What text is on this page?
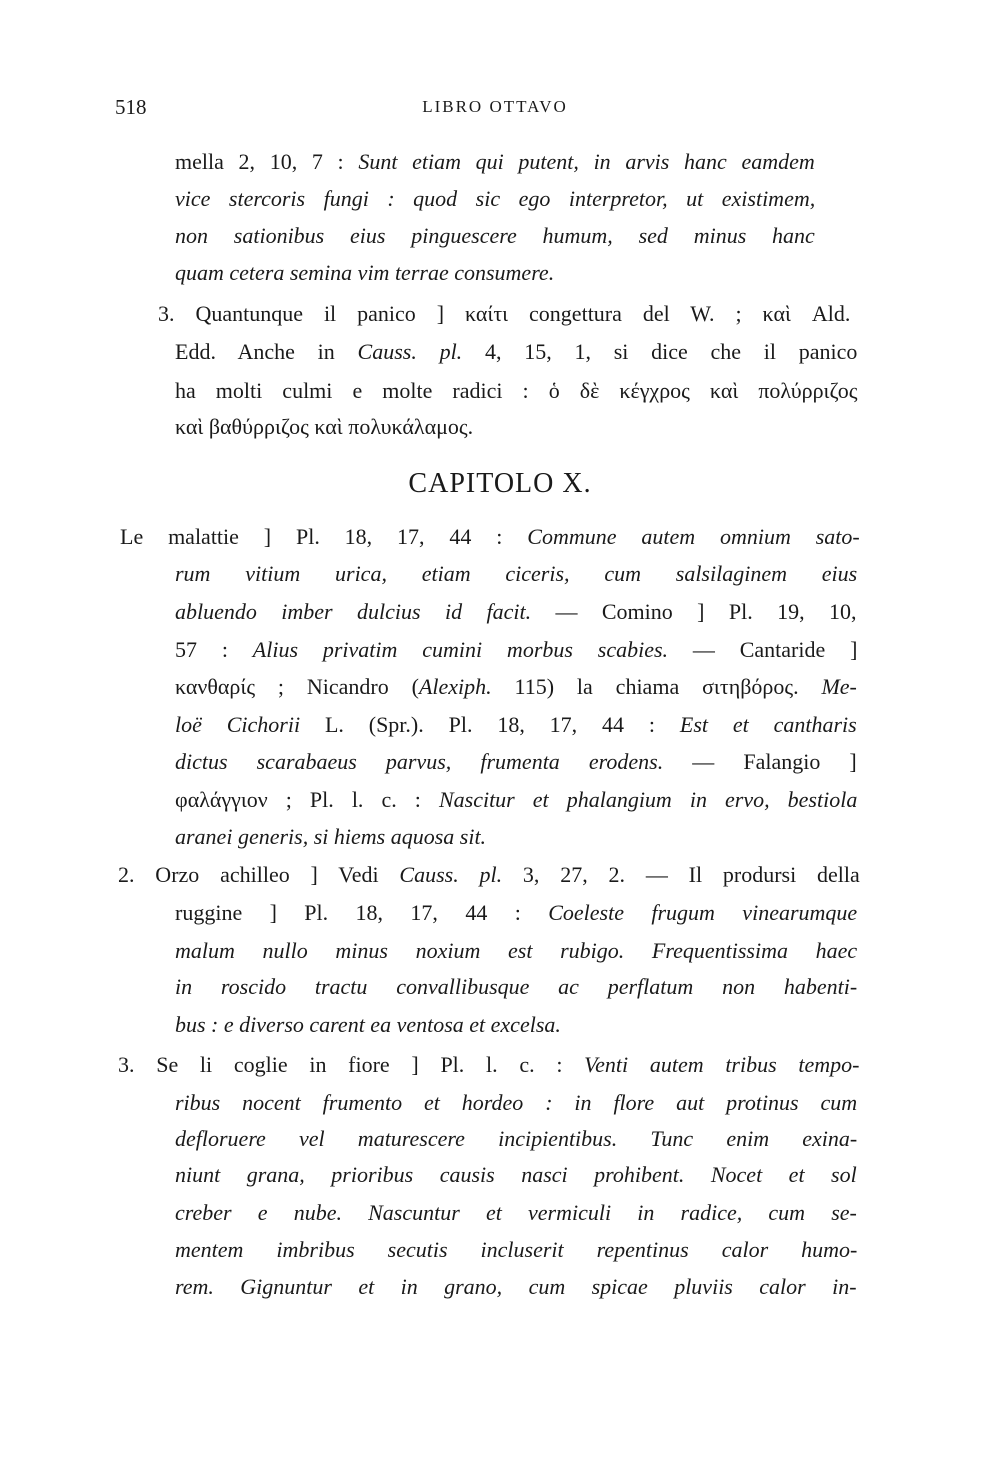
518	LIBRO OTTAVO
CAPITOLO X.
mella 2, 10, 7 : Sunt etiam qui putent, in arvis hanc eamdem
vice stercoris fungi : quod sic ego interpretor, ut existimem,
non sationibus eius pinguescere humum, sed minus hanc
quam cetera semina vim terrae consumere.
3. Quantunque il panico ] καίτι congettura del W. ; καὶ Ald.
Edd. Anche in Causs. pl. 4, 15, 1, si dice che il panico
ha molti culmi e molte radici : ὁ δὲ κέγχρος καὶ πολύρριζος
καὶ βαθύρριζος καὶ πολυκάλαμος.
Le malattie ] Pl. 18, 17, 44 : Commune autem omnium sato-
rum vitium urica, etiam ciceris, cum salsilaginem eius
abluendo imber dulcius id facit. — Comino ] Pl. 19, 10,
57 : Alius privatim cumini morbus scabies. — Cantaride ]
κανθαρίς ; Nicandro (Alexiph. 115) la chiama σιτηβόρος. Me-
loë Cichorii L. (Spr.). Pl. 18, 17, 44 : Est et cantharis
dictus scarabaeus parvus, frumenta erodens. — Falangio ]
φαλάγγιον ; Pl. l. c. : Nascitur et phalangium in ervo, bestiola
aranei generis, si hiems aquosa sit.
2. Orzo achilleo ] Vedi Causs. pl. 3, 27, 2. — Il prodursi della
ruggine ] Pl. 18, 17, 44 : Coeleste frugum vinearumque
malum nullo minus noxium est rubigo. Frequentissima haec
in roscido tractu convallibusque ac perflatum non habenti-
bus : e diverso carent ea ventosa et excelsa.
3. Se li coglie in fiore ] Pl. l. c. : Venti autem tribus tempo-
ribus nocent frumento et hordeo : in flore aut protinus cum
defloruere vel maturescere incipientibus. Tunc enim exina-
niunt grana, prioribus causis nasci prohibent. Nocet et sol
creber e nube. Nascuntur et vermiculi in radice, cum se-
mentem imbribus secutis incluserit repentinus calor humo-
rem. Gignuntur et in grano, cum spicae pluviis calor in-
